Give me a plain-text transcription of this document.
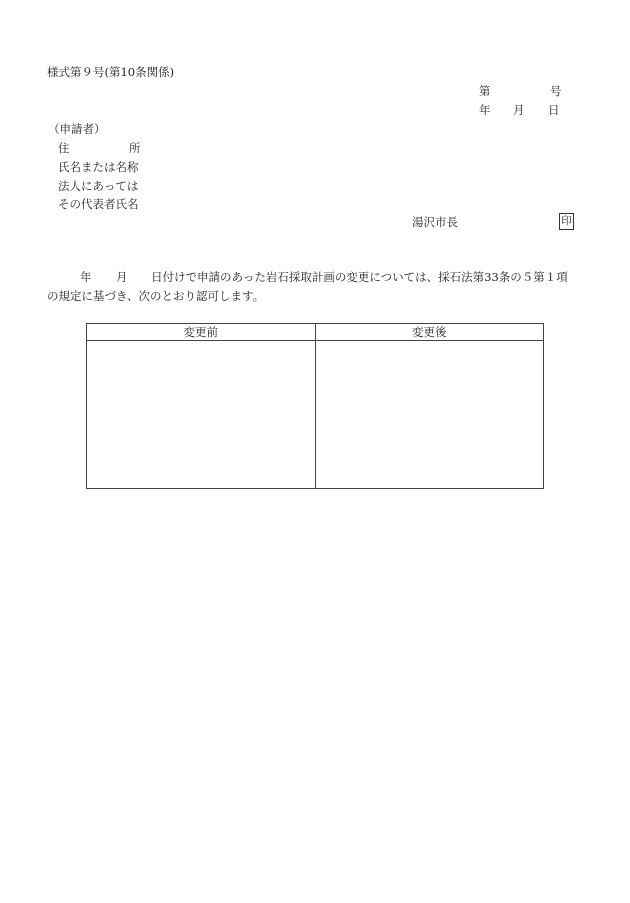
様式第９号(第10条関係)
第	号
年 月 日
（申請者）
住	所
氏名または名称
法人にあっては
その代表者氏名
湯沢市長	印
年 月 日付けで申請のあった岩石採取計画の変更については、採石法第33条の５第１項
の規定に基づき、次のとおり認可します。
変更前	変更後
